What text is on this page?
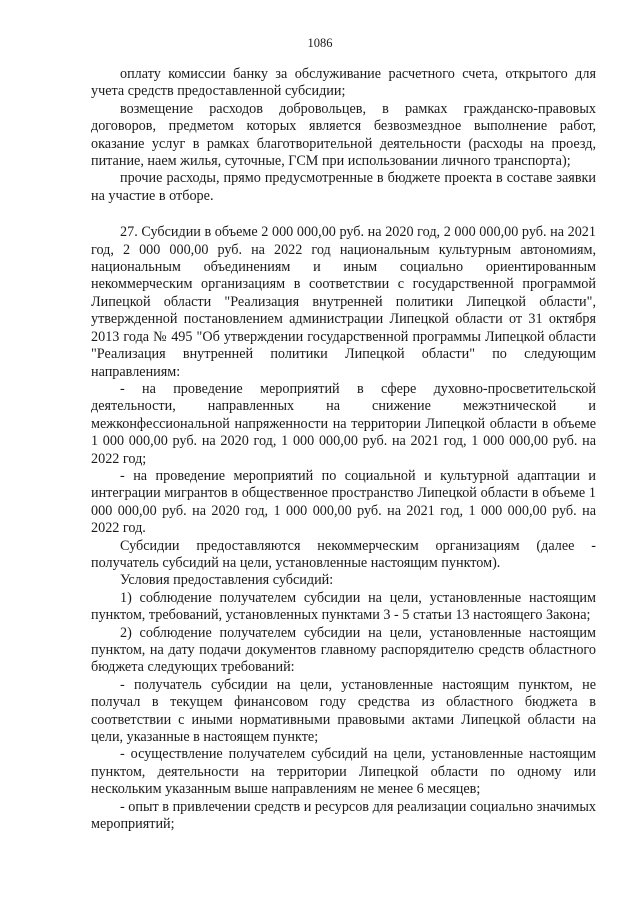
1086

оплату комиссии банку за обслуживание расчетного счета, открытого для учета средств предоставленной субсидии;

возмещение расходов добровольцев, в рамках гражданско-правовых договоров, предметом которых является безвозмездное выполнение работ, оказание услуг в рамках благотворительной деятельности (расходы на проезд, питание, наем жилья, суточные, ГСМ при использовании личного транспорта);

прочие расходы, прямо предусмотренные в бюджете проекта в составе заявки на участие в отборе.

27. Субсидии в объеме 2 000 000,00 руб. на 2020 год, 2 000 000,00 руб. на 2021 год, 2 000 000,00 руб. на 2022 год национальным культурным автономиям, национальным объединениям и иным социально ориентированным некоммерческим организациям в соответствии с государственной программой Липецкой области "Реализация внутренней политики Липецкой области", утвержденной постановлением администрации Липецкой области от 31 октября 2013 года № 495 "Об утверждении государственной программы Липецкой области "Реализация внутренней политики Липецкой области" по следующим направлениям:

- на проведение мероприятий в сфере духовно-просветительской деятельности, направленных на снижение межэтнической и межконфессиональной напряженности на территории Липецкой области в объеме 1 000 000,00 руб. на 2020 год, 1 000 000,00 руб. на 2021 год, 1 000 000,00 руб. на 2022 год;

- на проведение мероприятий по социальной и культурной адаптации и интеграции мигрантов в общественное пространство Липецкой области в объеме 1 000 000,00 руб. на 2020 год, 1 000 000,00 руб. на 2021 год, 1 000 000,00 руб. на 2022 год.

Субсидии предоставляются некоммерческим организациям (далее - получатель субсидий на цели, установленные настоящим пунктом).

Условия предоставления субсидий:

1) соблюдение получателем субсидии на цели, установленные настоящим пунктом, требований, установленных пунктами 3 - 5 статьи 13 настоящего Закона;

2) соблюдение получателем субсидии на цели, установленные настоящим пунктом, на дату подачи документов главному распорядителю средств областного бюджета следующих требований:

- получатель субсидии на цели, установленные настоящим пунктом, не получал в текущем финансовом году средства из областного бюджета в соответствии с иными нормативными правовыми актами Липецкой области на цели, указанные в настоящем пункте;

- осуществление получателем субсидий на цели, установленные настоящим пунктом, деятельности на территории Липецкой области по одному или нескольким указанным выше направлениям не менее 6 месяцев;

- опыт в привлечении средств и ресурсов для реализации социально значимых мероприятий;
